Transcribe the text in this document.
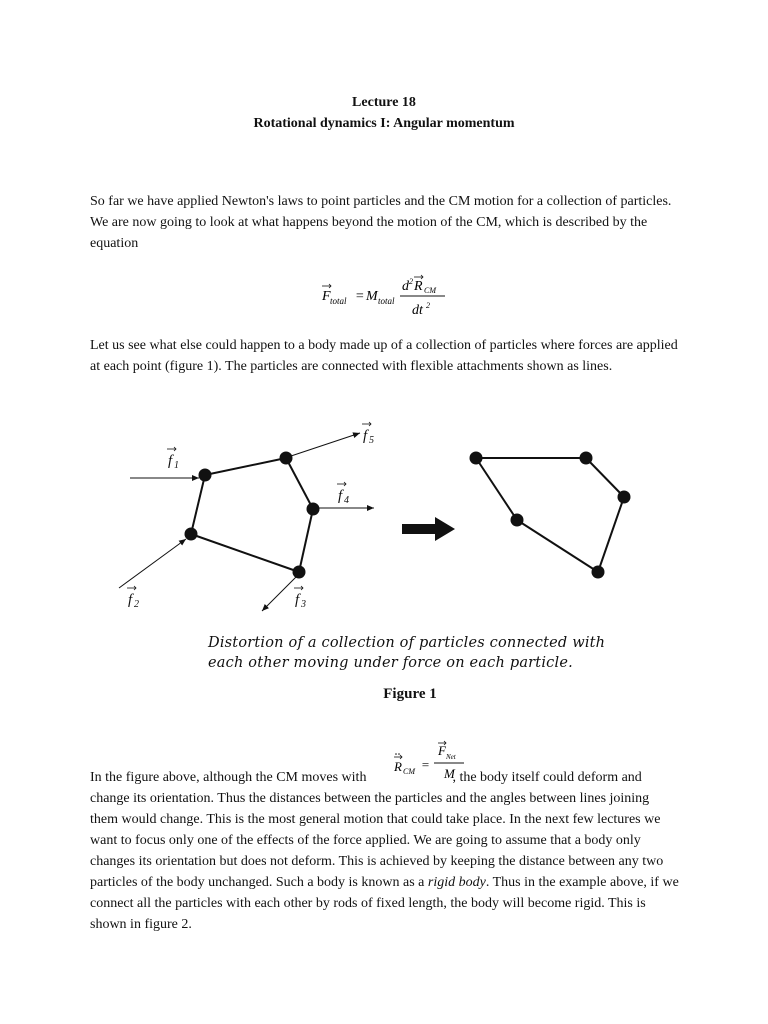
Lecture 18
Rotational dynamics I: Angular momentum
So far we have applied Newton's laws to point particles and the CM motion for a collection of particles. We are now going to look at what happens beyond the motion of the CM, which is described by the equation
F total = M total
d 2 R CM
dt 2
Let us see what else could happen to a body made up of a collection of particles where forces are applied at each point (figure 1). The particles are connected with flexible attachments shown as lines.
f 1
f 5
f 4
f 3
f 2
Distortion of a collection of particles connected with
each other moving under force on each particle.
Figure 1
R CM =
F Net
M
In the figure above, although the CM moves with	, the body itself could deform and change its orientation. Thus the distances between the particles and the angles between lines joining them would change. This is the most general motion that could take place. In the next few lectures we want to focus only one of the effects of the force applied. We are going to assume that a body only changes its orientation but does not deform. This is achieved by keeping the distance between any two particles of the body unchanged. Such a body is known as a rigid body. Thus in the example above, if we connect all the particles with each other by rods of fixed length, the body will become rigid. This is shown in figure 2.
